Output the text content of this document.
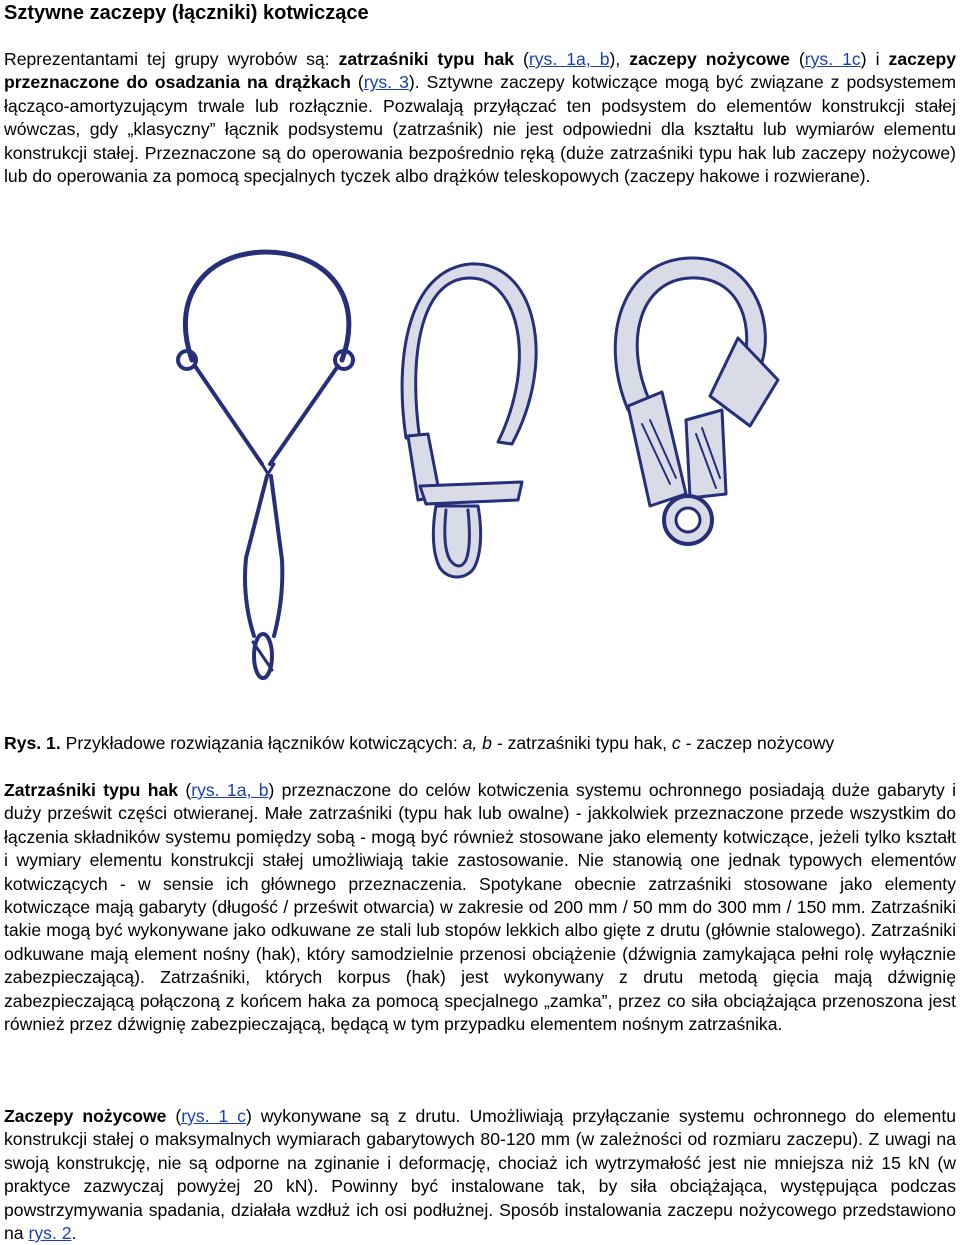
Sztywne zaczepy (łączniki) kotwiczące

Reprezentantami tej grupy wyrobów są: zatrzaśniki typu hak (rys. 1a, b), zaczepy nożycowe (rys. 1c) i zaczepy przeznaczone do osadzania na drążkach (rys. 3). Sztywne zaczepy kotwiczące mogą być związane z podsystemem łącząco-amortyzującym trwale lub rozłącznie. Pozwalają przyłączać ten podsystem do elementów konstrukcji stałej wówczas, gdy „klasyczny” łącznik podsystemu (zatrzaśnik) nie jest odpowiedni dla kształtu lub wymiarów elementu konstrukcji stałej. Przeznaczone są do operowania bezpośrednio ręką (duże zatrzaśniki typu hak lub zaczepy nożycowe) lub do operowania za pomocą specjalnych tyczek albo drążków teleskopowych (zaczepy hakowe i rozwierane).

Rys. 1. Przykładowe rozwiązania łączników kotwiczących: a, b - zatrzaśniki typu hak, c - zaczep nożycowy

Zatrzaśniki typu hak (rys. 1a, b) przeznaczone do celów kotwiczenia systemu ochronnego posiadają duże gabaryty i duży prześwit części otwieranej. Małe zatrzaśniki (typu hak lub owalne) - jakkolwiek przeznaczone przede wszystkim do łączenia składników systemu pomiędzy sobą - mogą być również stosowane jako elementy kotwiczące, jeżeli tylko kształt i wymiary elementu konstrukcji stałej umożliwiają takie zastosowanie. Nie stanowią one jednak typowych elementów kotwiczących - w sensie ich głównego przeznaczenia. Spotykane obecnie zatrzaśniki stosowane jako elementy kotwiczące mają gabaryty (długość / prześwit otwarcia) w zakresie od 200 mm / 50 mm do 300 mm / 150 mm. Zatrzaśniki takie mogą być wykonywane jako odkuwane ze stali lub stopów lekkich albo gięte z drutu (głównie stalowego). Zatrzaśniki odkuwane mają element nośny (hak), który samodzielnie przenosi obciążenie (dźwignia zamykająca pełni rolę wyłącznie zabezpieczającą). Zatrzaśniki, których korpus (hak) jest wykonywany z drutu metodą gięcia mają dźwignię zabezpieczającą połączoną z końcem haka za pomocą specjalnego „zamka”, przez co siła obciążająca przenoszona jest również przez dźwignię zabezpieczającą, będącą w tym przypadku elementem nośnym zatrzaśnika.

Zaczepy nożycowe (rys. 1 c) wykonywane są z drutu. Umożliwiają przyłączanie systemu ochronnego do elementu konstrukcji stałej o maksymalnych wymiarach gabarytowych 80-120 mm (w zależności od rozmiaru zaczepu). Z uwagi na swoją konstrukcję, nie są odporne na zginanie i deformację, chociaż ich wytrzymałość jest nie mniejsza niż 15 kN (w praktyce zazwyczaj powyżej 20 kN). Powinny być instalowane tak, by siła obciążająca, występująca podczas powstrzymywania spadania, działała wzdłuż ich osi podłużnej. Sposób instalowania zaczepu nożycowego przedstawiono na rys. 2.
